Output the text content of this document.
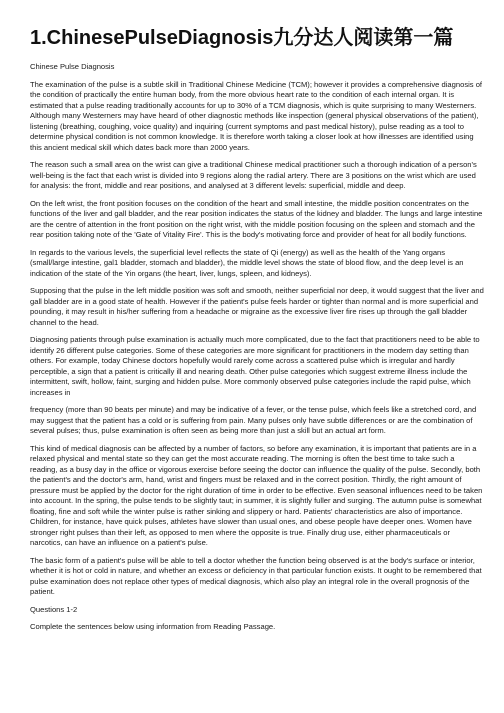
1.ChinesePulseDiagnosis九分达人阅读第一篇
Chinese Pulse Diagnosis

The examination of the pulse is a subtle skill in Traditional Chinese Medicine (TCM); however it provides a comprehensive diagnosis of the condition of practically the entire human body, from the more obvious heart rate to the condition of each internal organ. It is estimated that a pulse reading traditionally accounts for up to 30% of a TCM diagnosis, which is quite surprising to many Westerners. Although many Westerners may have heard of other diagnostic methods like inspection (general physical observations of the patient), listening (breathing, coughing, voice quality) and inquiring (current symptoms and past medical history), pulse reading as a tool to determine physical condition is not common knowledge. It is therefore worth taking a closer look at how illnesses are identified using this ancient medical skill which dates back more than 2000 years.

The reason such a small area on the wrist can give a traditional Chinese medical practitioner such a thorough indication of a person's well-being is the fact that each wrist is divided into 9 regions along the radial artery. There are 3 positions on the wrist which are used for analysis: the front, middle and rear positions, and analysed at 3 different levels: superficial, middle and deep.

On the left wrist, the front position focuses on the condition of the heart and small intestine, the middle position concentrates on the functions of the liver and gall bladder, and the rear position indicates the status of the kidney and bladder. The lungs and large intestine are the centre of attention in the front position on the right wrist, with the middle position focusing on the spleen and stomach and the rear position taking note of the 'Gate of Vitality Fire'. This is the body's motivating force and provider of heat for all bodily functions.

In regards to the various levels, the superficial level reflects the state of Qi (energy) as well as the health of the Yang organs (small/large intestine, gal1 bladder, stomach and bladder), the middle level shows the state of blood flow, and the deep level is an indication of the state of the Yin organs (the heart, liver, lungs, spleen, and kidneys).

Supposing that the pulse in the left middle position was soft and smooth, neither superficial nor deep, it would suggest that the liver and gall bladder are in a good state of health. However if the patient's pulse feels harder or tighter than normal and is more superficial and pounding, it may result in his/her suffering from a headache or migraine as the excessive liver fire rises up through the gall bladder channel to the head.

Diagnosing patients through pulse examination is actually much more complicated, due to the fact that practitioners need to be able to identify 26 different pulse categories. Some of these categories are more significant for practitioners in the modern day setting than others. For example, today Chinese doctors hopefully would rarely come across a scattered pulse which is irregular and hardly perceptible, a sign that a patient is critically ill and nearing death. Other pulse categories which suggest extreme illness include the intermittent, swift, hollow, faint, surging and hidden pulse. More commonly observed pulse categories include the rapid pulse, which increases in

frequency (more than 90 beats per minute) and may be indicative of a fever, or the tense pulse, which feels like a stretched cord, and may suggest that the patient has a cold or is suffering from pain. Many pulses only have subtle differences or are the combination of several pulses; thus, pulse examination is often seen as being more than just a skill but an actual art form.

This kind of medical diagnosis can be affected by a number of factors, so before any examination, it is important that patients are in a relaxed physical and mental state so they can get the most accurate reading. The morning is often the best time to take such a reading, as a busy day in the office or vigorous exercise before seeing the doctor can influence the quality of the pulse. Secondly, both the patient's and the doctor's arm, hand, wrist and fingers must be relaxed and in the correct position. Thirdly, the right amount of pressure must be applied by the doctor for the right duration of time in order to be effective. Even seasonal influences need to be taken into account. In the spring, the pulse tends to be slightly taut; in summer, it is slightly fuller and surging. The autumn pulse is somewhat floating, fine and soft while the winter pulse is rather sinking and slippery or hard. Patients' characteristics are also of importance. Children, for instance, have quick pulses, athletes have slower than usual ones, and obese people have deeper ones. Women have stronger right pulses than their left, as opposed to men where the opposite is true. Finally drug use, either pharmaceuticals or narcotics, can have an influence on a patient's pulse.

The basic form of a patient's pulse will be able to tell a doctor whether the function being observed is at the body's surface or interior, whether it is hot or cold in nature, and whether an excess or deficiency in that particular function exists. It ought to be remembered that pulse examination does not replace other types of medical diagnosis, which also play an integral role in the overall prognosis of the patient.

Questions 1-2
Complete the sentences below using information from Reading Passage.
